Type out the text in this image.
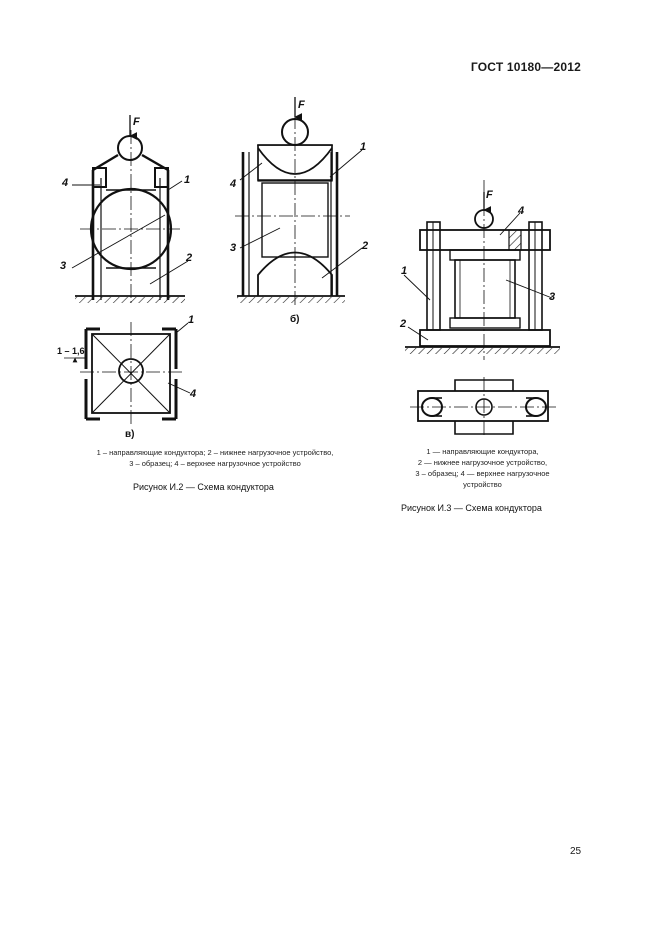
ГОСТ 10180—2012
F
4	1
3
2
F
1
4
3	2
б)
1 – 1,6
1
4
в)
F
4
1
3
2
1 – направляющие кондуктора; 2 – нижнее нагрузочное устройство,
3 – образец; 4 – верхнее нагрузочное устройство
Рисунок И.2 — Схема кондуктора
1 — направляющие кондуктора,
2 — нижнее нагрузочное устройство,
3 – образец; 4 — верхнее нагрузочное
устройство
Рисунок И.3 — Схема кондуктора
25
